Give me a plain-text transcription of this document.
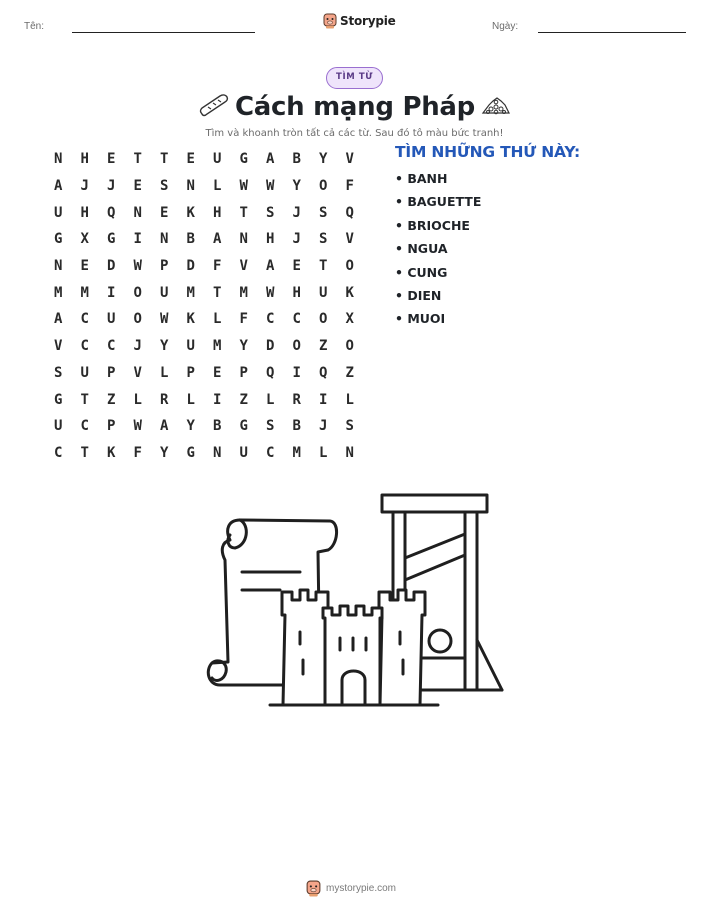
Tên:	Storypie	Ngày:
TÌM TỪ
Cách mạng Pháp
Tìm và khoanh tròn tất cả các từ. Sau đó tô màu bức tranh!
N	H	E	T	T	E	U	G	A	B	Y	V
A	J	J	E	S	N	L	W	W	Y	O	F
U	H	Q	N	E	K	H	T	S	J	S	Q
G	X	G	I	N	B	A	N	H	J	S	V
N	E	D	W	P	D	F	V	A	E	T	O
M	M	I	O	U	M	T	M	W	H	U	K
A	C	U	O	W	K	L	F	C	C	O	X
V	C	C	J	Y	U	M	Y	D	O	Z	O
S	U	P	V	L	P	E	P	Q	I	Q	Z
G	T	Z	L	R	L	I	Z	L	R	I	L
U	C	P	W	A	Y	B	G	S	B	J	S
C	T	K	F	Y	G	N	U	C	M	L	N
TÌM NHỮNG THỨ NÀY:
• BANH
• BAGUETTE
• BRIOCHE
• NGUA
• CUNG
• DIEN
• MUOI
mystorypie.com
